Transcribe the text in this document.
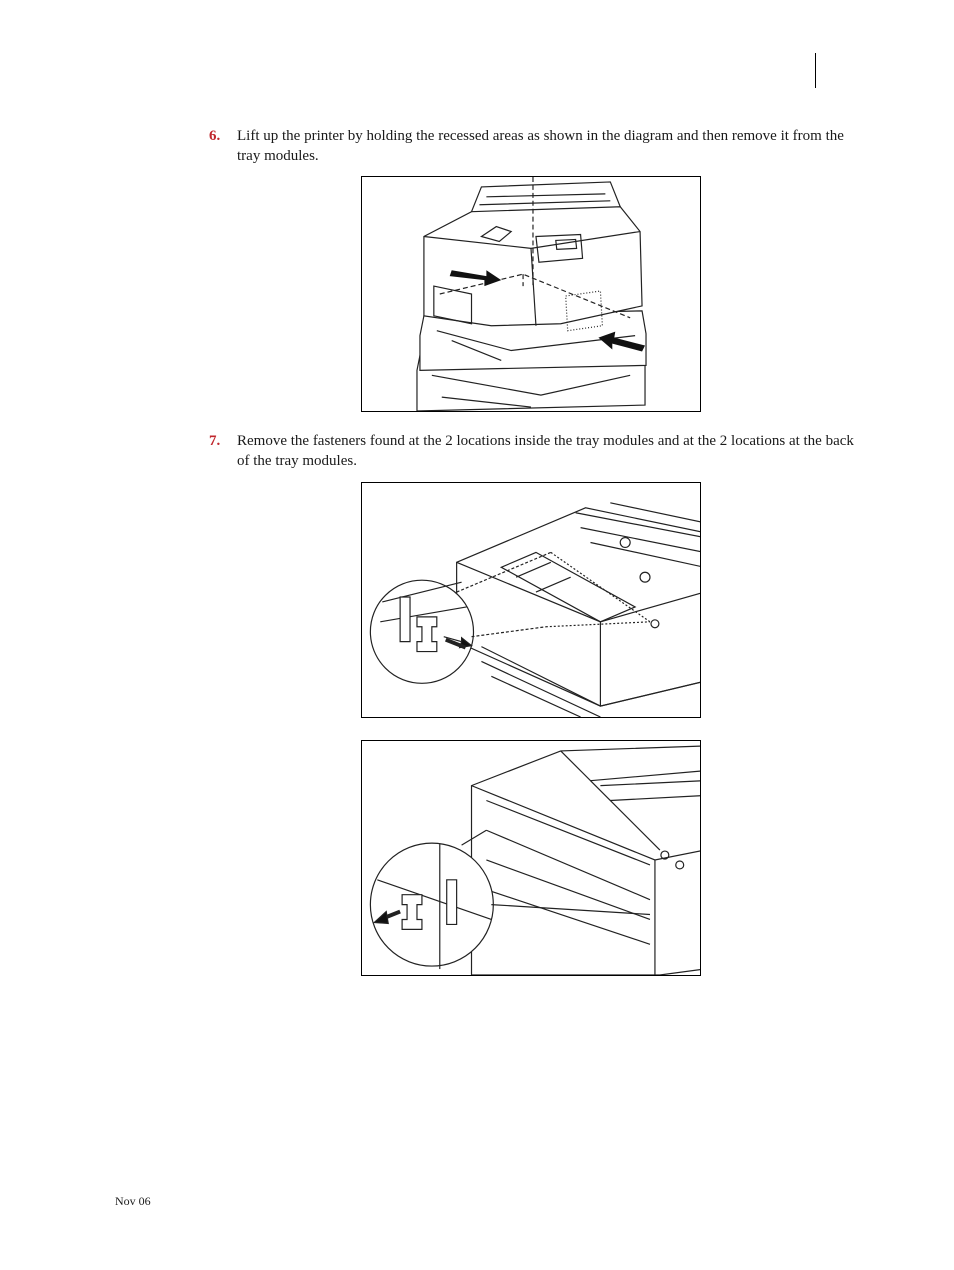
6. Lift up the printer by holding the recessed areas as shown in the diagram and then remove it from the tray modules.
7. Remove the fasteners found at the 2 locations inside the tray modules and at the 2 locations at the back of the tray modules.
Nov 06
